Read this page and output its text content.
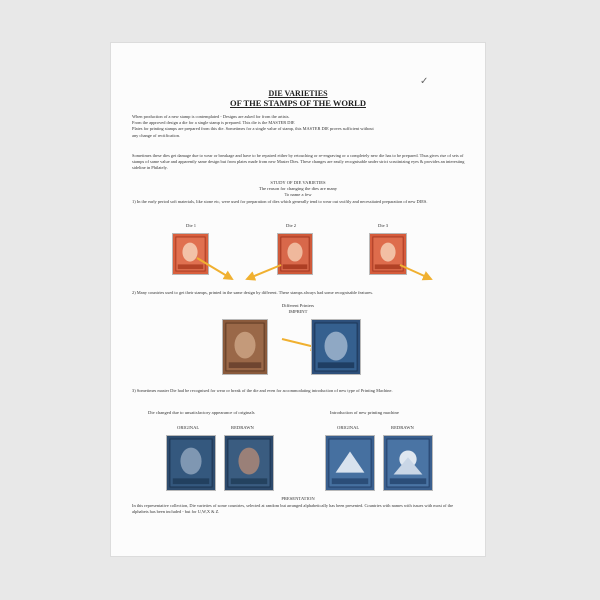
✓
DIE VARIETIES
OF THE STAMPS OF THE WORLD
When production of a new stamp is contemplated - Designs are asked for from the artists.
From the approved design a die for a single stamp is prepared. This die is the MASTER DIE
Plates for printing stamps are prepared from this die. Sometimes for a single value of stamp, this MASTER DIE proves sufficient without
any change of rectification.
Sometimes these dies get damage due to wear or breakage and have to be repaired either by retouching or re-engraving or a completely new die has to be prepared. Thus gives rise of sets of stamps of same value and apparently same design but from plates made from new Master Dies. These changes are easily recognisable under strict scrutinizing eyes & provides an interesting sideline in Philately.
STUDY OF DIE VARIETIES
The reason for changing the dies are many
To name a few
1) In the early period soft materials, like stone etc, were used for preparation of dies which generally tend to wear out swiftly and necessitated preparation of new DIES.
Die 1	Die 2	Die 3
2) Many countries used to get their stamps, printed in the same design by different. These stamps always had some recognisable features.
Different Printers
IMPRINT
3) Sometimes master Die had be recognised for wear or break of the die and even for accommodating introduction of new type of Printing Machine.
Die changed due to unsatisfactory appearance of originals	Introduction of new printing machine
ORIGINAL	REDRAWN	ORIGINAL	REDRAWN
PRESENTATION
In this representative collection, Die varieties of some countries, selected at random but arranged alphabetically has been presented. Countries with names with issues with most of the alphabets has been included - but for U,W,X & Z.
